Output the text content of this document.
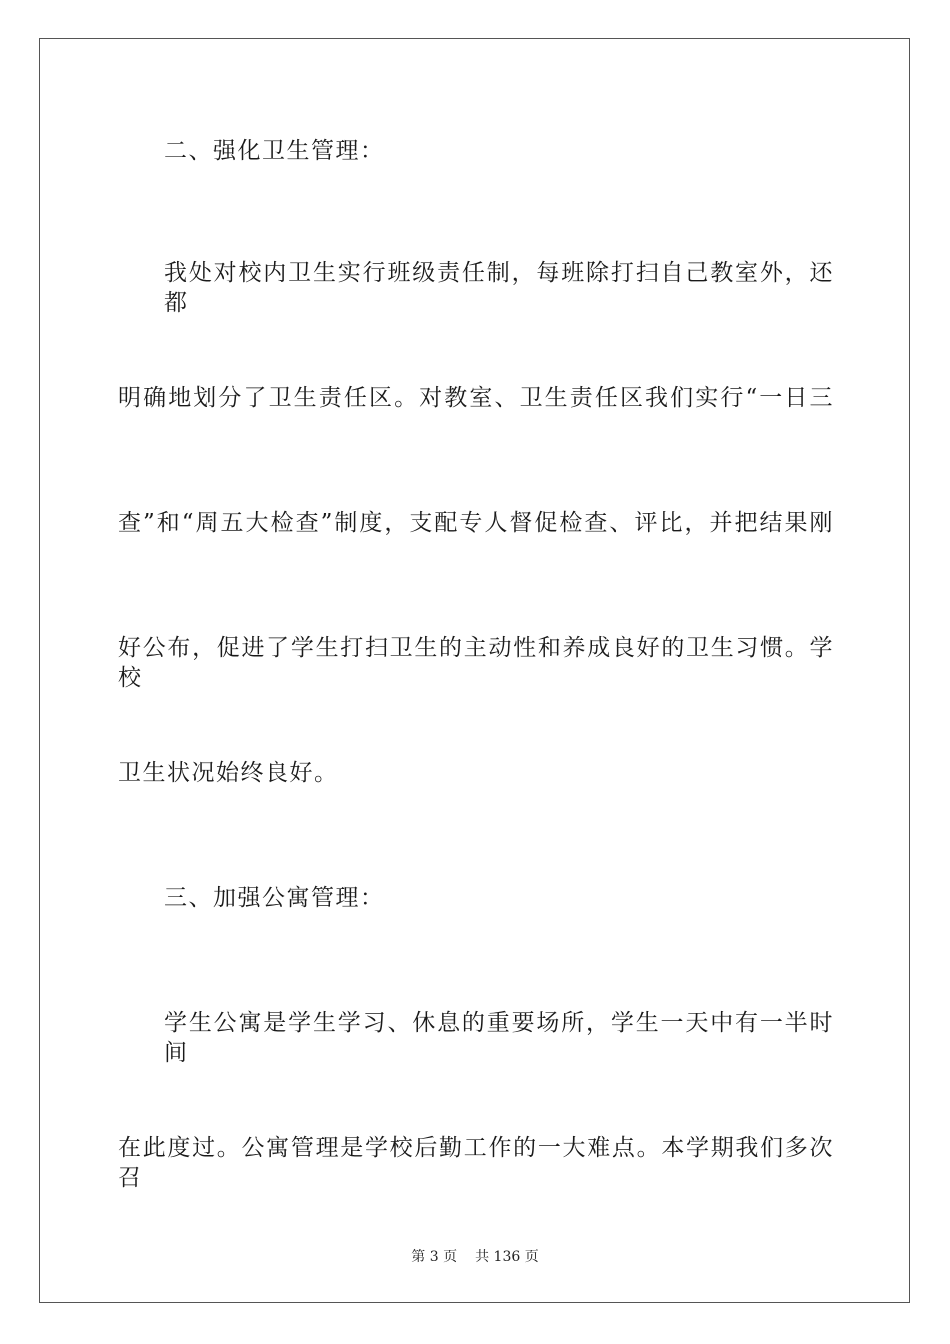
二、强化卫生管理：
我处对校内卫生实行班级责任制，每班除打扫自己教室外，还都
明确地划分了卫生责任区。对教室、卫生责任区我们实行“一日三
查”和“周五大检查”制度，支配专人督促检查、评比，并把结果刚
好公布，促进了学生打扫卫生的主动性和养成良好的卫生习惯。学校
卫生状况始终良好。
三、加强公寓管理：
学生公寓是学生学习、休息的重要场所，学生一天中有一半时间
在此度过。公寓管理是学校后勤工作的一大难点。本学期我们多次召
第 3 页 共 136 页
